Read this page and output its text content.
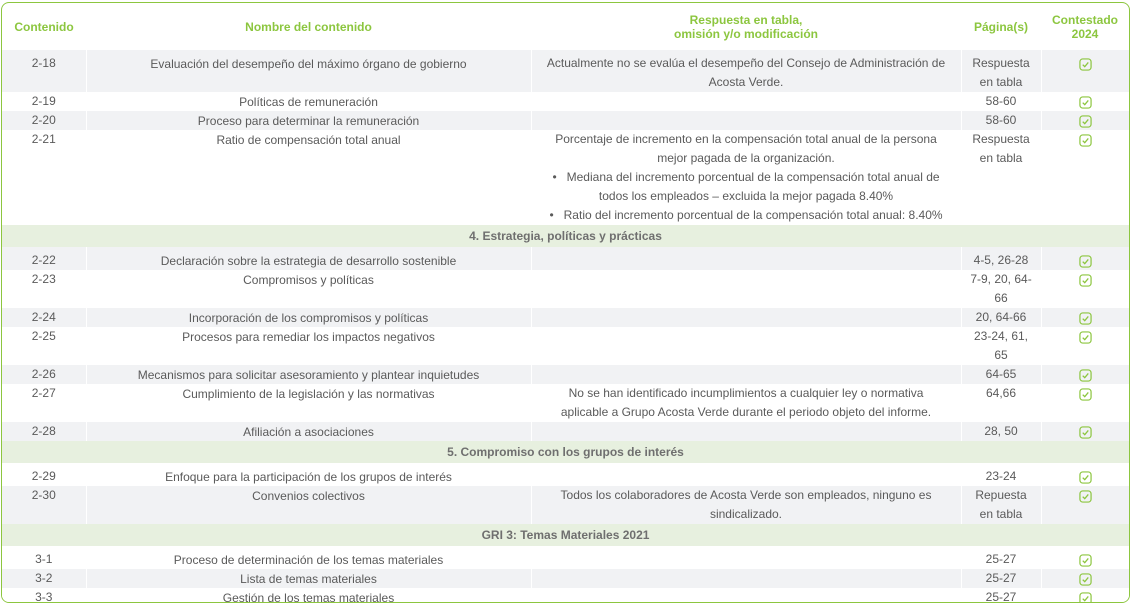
Contenido	Nombre del contenido	Respuesta en tabla,
omisión y/o modificación	Página(s)	Contestado
2024

2-18	Evaluación del desempeño del máximo órgano de gobierno	Actualmente no se evalúa el desempeño del Consejo de Administración de
Acosta Verde.	Respuesta
en tabla	
2-19	Políticas de remuneración		58-60	
2-20	Proceso para determinar la remuneración		58-60	
2-21	Ratio de compensación total anual	Porcentaje de incremento en la compensación total anual de la persona
mejor pagada de la organización.
• Mediana del incremento porcentual de la compensación total anual de
todos los empleados – excluida la mejor pagada 8.40%
• Ratio del incremento porcentual de la compensación total anual: 8.40%	Respuesta
en tabla	
4. Estrategia, políticas y prácticas				

2-22	Declaración sobre la estrategia de desarrollo sostenible		4-5, 26-28	
2-23	Compromisos y políticas		7-9, 20, 64-66	
2-24	Incorporación de los compromisos y políticas		20, 64-66	
2-25	Procesos para remediar los impactos negativos		23-24, 61, 65	
2-26	Mecanismos para solicitar asesoramiento y plantear inquietudes		64-65	
2-27	Cumplimiento de la legislación y las normativas	No se han identificado incumplimientos a cualquier ley o normativa
aplicable a Grupo Acosta Verde durante el periodo objeto del informe.	64,66	
2-28	Afiliación a asociaciones		28, 50	
5. Compromiso con los grupos de interés				

2-29	Enfoque para la participación de los grupos de interés		23-24	
2-30	Convenios colectivos	Todos los colaboradores de Acosta Verde son empleados, ninguno es
sindicalizado.	Repuesta
en tabla	
GRI 3: Temas Materiales 2021				

3-1	Proceso de determinación de los temas materiales		25-27	
3-2	Lista de temas materiales		25-27	
3-3	Gestión de los temas materiales		25-27	
